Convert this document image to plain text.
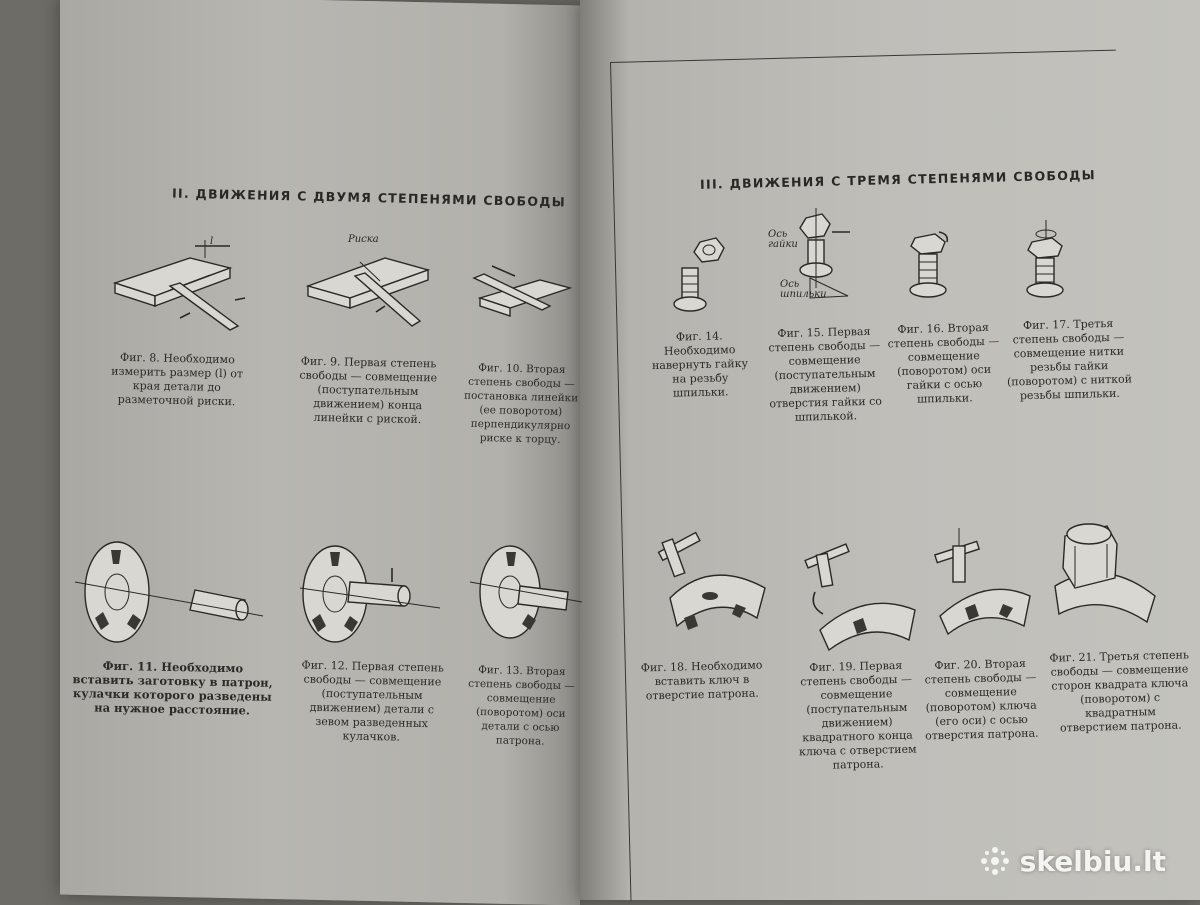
II. ДВИЖЕНИЯ С ДВУМЯ СТЕПЕНЯМИ СВОБОДЫ
l
Фиг. 8. Необходимо измерить размер (l) от края детали до разметочной риски.
Риска
Фиг. 9. Первая степень свободы — совмещение (поступательным движением) конца линейки с риской.
Фиг. 10. Вторая степень свободы — постановка линейки (ее поворотом) перпендикулярно риске к торцу.
Фиг. 11. Необходимо вставить заготовку в патрон, кулачки которого разведены на нужное расстояние.
Фиг. 12. Первая степень свободы — совмещение (поступательным движением) детали с зевом разведенных кулачков.
Фиг. 13. Вторая степень свободы — совмещение (поворотом) оси детали с осью патрона.
III. ДВИЖЕНИЯ С ТРЕМЯ СТЕПЕНЯМИ СВОБОДЫ
Фиг. 14. Необходимо навернуть гайку на резьбу шпильки.
Ось гайки
Ось шпильки
Фиг. 15. Первая степень свободы — совмещение (поступательным движением) отверстия гайки со шпилькой.
Фиг. 16. Вторая степень свободы — совмещение (поворотом) оси гайки с осью шпильки.
Фиг. 17. Третья степень свободы — совмещение нитки резьбы гайки (поворотом) с ниткой резьбы шпильки.
Фиг. 18. Необходимо вставить ключ в отверстие патрона.
Фиг. 19. Первая степень свободы — совмещение (поступательным движением) квадратного конца ключа с отверстием патрона.
Фиг. 20. Вторая степень свободы — совмещение (поворотом) ключа (его оси) с осью отверстия патрона.
Фиг. 21. Третья степень свободы — совмещение сторон квадрата ключа (поворотом) с квадратным отверстием патрона.
skelbiu.lt
